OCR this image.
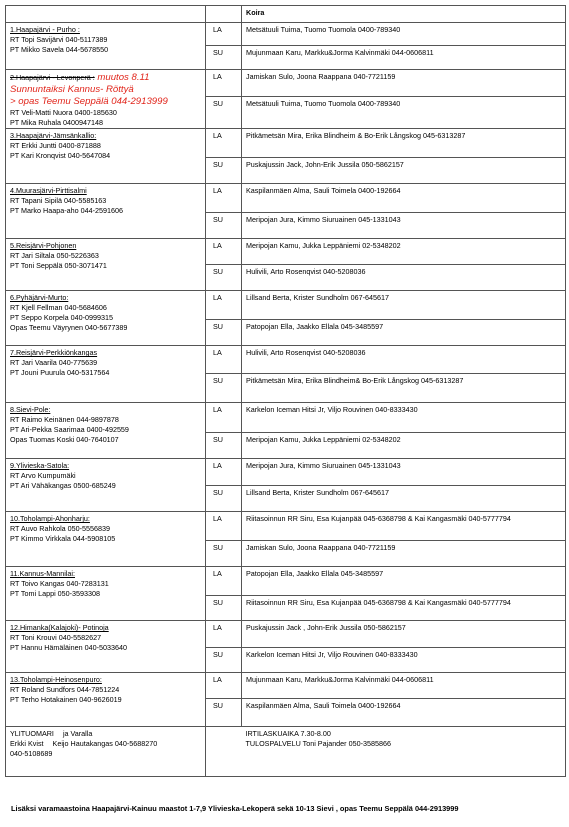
		Koira

1.Haapajärvi - Purho :
RT Topi Savijärvi 040-5117389
PT Mikko Savela 044-5678550	LA	Metsätuuli Tuima, Tuomo Tuomola 0400-789340
	SU	Mujunmaan Karu, Markku&Jorma Kalvinmäki 044-0606811

2.Haapajärvi - Levonperä : muutos 8.11
Sunnuntaiksi Kannus- Röttyä
> opas Teemu Seppälä 044-2913999
RT Veli-Matti Nuora 0400-185630
PT Mika Ruhala 0400947148	LA	Jamiskan Sulo, Joona Raappana 040-7721159
	SU	Metsätuuli Tuima, Tuomo Tuomola 0400-789340

3.Haapajärvi-Jämsänkallio:
RT Erkki Juntti 0400-871888
PT Kari Kronqvist 040-5647084	LA	Pitkämetsän Mira, Erika Blindheim & Bo-Erik Långskog 045-6313287
	SU	Puskajussin Jack, John-Erik Jussila 050-5862157

4.Muurasjärvi-Pirttisalmi
RT Tapani Sipilä 040-5585163
PT Marko Haapa-aho 044-2591606	LA	Kaspilanmäen Alma, Sauli Toimela 0400-192664
	SU	Meripojan Jura, Kimmo Siuruainen 045-1331043

5.Reisjärvi-Pohjonen
RT Jari Siltala 050-5226363
PT Toni Seppälä 050-3071471	LA	Meripojan Kamu, Jukka Leppäniemi 02-5348202
	SU	Hulivili, Arto Rosenqvist 040-5208036

6.Pyhäjärvi-Murto:
RT Kjell Fellman 040-5684606
PT Seppo Korpela 040-0999315
Opas Teemu Väyrynen 040-5677389	LA	Lillsand Berta, Krister Sundholm 067-645617
	SU	Patopojan Ella, Jaakko Ellala 045-3485597

7.Reisjärvi-Perkkiönkangas
RT Jari Vaarila 040-775639
PT Jouni Puurula 040-5317564	LA	Hulivili, Arto Rosenqvist 040-5208036
	SU	Pitkämetsän Mira, Erika Blindheim& Bo-Erik Långskog 045-6313287

8.Sievi-Pole:
RT Raimo Keinänen 044-9897878
PT Ari-Pekka Saarimaa 0400-492559
Opas Tuomas Koski 040-7640107	LA	Karkelon Iceman Hitsi Jr, Viljo Rouvinen 040-8333430
	SU	Meripojan Kamu, Jukka Leppäniemi 02-5348202

9.Ylivieska-Satola:
RT Arvo Kumpumäki
PT Ari Vähäkangas 0500-685249	LA	Meripojan Jura, Kimmo Siuruainen 045-1331043
	SU	Lillsand Berta, Krister Sundholm 067-645617

10.Toholampi-Ahonharju:
RT Auvo Rahkola 050-5556839
PT Kimmo Virkkala 044-5908105	LA	Riitasoinnun RR Siru, Esa Kujanpää 045-6368798 & Kai Kangasmäki 040-5777794
	SU	Jamiskan Sulo, Joona Raappana 040-7721159

11.Kannus-Mannilai:
RT Toivo Kangas 040-7283131
PT Tomi Lappi 050-3593308	LA	Patopojan Ella, Jaakko Ellala 045-3485597
	SU	Riitasoinnun RR Siru, Esa Kujanpää 045-6368798 & Kai Kangasmäki 040-5777794

12.Himanka(Kalajoki)- Potinoja
RT Toni Krouvi 040-5582627
PT Hannu Hämäläinen 040-5033640	LA	Puskajussin Jack , John-Erik Jussila 050-5862157
	SU	Karkelon Iceman Hitsi Jr, Viljo Rouvinen 040-8333430

13.Toholampi-Heinosenpuro:
RT Roland Sundfors 044-7851224
PT Terho Hotakainen 040-9626019	LA	Mujunmaan Karu, Markku&Jorma Kalvinmäki 044-0606811
	SU	Kaspilanmäen Alma, Sauli Toimela 0400-192664

YLITUOMARI ja Varalla
Erkki Kvist Keijo Hautakangas 040-5688270
040-5108689		IRTILASKUAIKA 7.30-8.00
TULOSPALVELU Toni Pajander 050-3585866
Lisäksi varamaastoina Haapajärvi-Kainuu maastot 1-7,9 Ylivieska-Lekoperä sekä 10-13 Sievi , opas Teemu Seppälä 044-2913999
